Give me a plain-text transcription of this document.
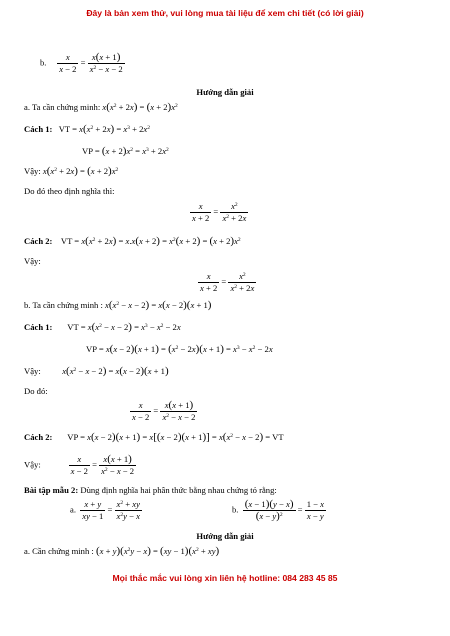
Đây là bản xem thử, vui lòng mua tài liệu để xem chi tiết (có lời giải)
b. $\frac{x}{x - 2} = \frac{x(x + 1)}{x^2 - x - 2}$
Hướng dẫn giải
a. Ta cần chứng minh: $x(x^2 + 2x) = (x + 2)x^2$
Cách 1: VT = $x(x^2 + 2x) = x^3 + 2x^2$
VP = $(x + 2)x^2 = x^3 + 2x^2$
Vậy: $x(x^2 + 2x) = (x + 2)x^2$
Do đó theo định nghĩa thì:
$\frac{x}{x + 2} = \frac{x^2}{x^2 + 2x}$
Cách 2: VT = $x(x^2 + 2x) = x.x(x + 2) = x^2(x + 2) = (x + 2)x^2$
Vậy:
$\frac{x}{x + 2} = \frac{x^2}{x^2 + 2x}$
b. Ta cần chứng minh : $x(x^2 - x - 2) = x(x - 2)(x + 1)$
Cách 1: VT = $x(x^2 - x - 2) = x^3 - x^2 - 2x$
VP = $x(x - 2)(x + 1) = (x^2 - 2x)(x + 1) = x^3 - x^2 - 2x$
Vậy: $x(x^2 - x - 2) = x(x - 2)(x + 1)$
Do đó:
$\frac{x}{x - 2} = \frac{x(x + 1)}{x^2 - x - 2}$
Cách 2: VP = $x(x - 2)(x + 1) = x[(x - 2)(x + 1)] = x(x^2 - x - 2)$ = VT
Vậy:	$\frac{x}{x - 2} = \frac{x(x + 1)}{x^2 - x - 2}$
Bài tập mẫu 2: Dùng định nghĩa hai phân thức bằng nhau chứng tỏ rằng:
a. $\frac{x + y}{xy - 1} = \frac{x^2 + xy}{x^2y - x}$	b. $\frac{(x - 1)(y - x)}{(x - y)^2} = \frac{1 - x}{x - y}$
Hướng dẫn giải
a. Cần chứng minh : $(x + y)(x^2y - x) = (xy - 1)(x^2 + xy)$
Mọi thắc mắc vui lòng xin liên hệ hotline: 084 283 45 85
